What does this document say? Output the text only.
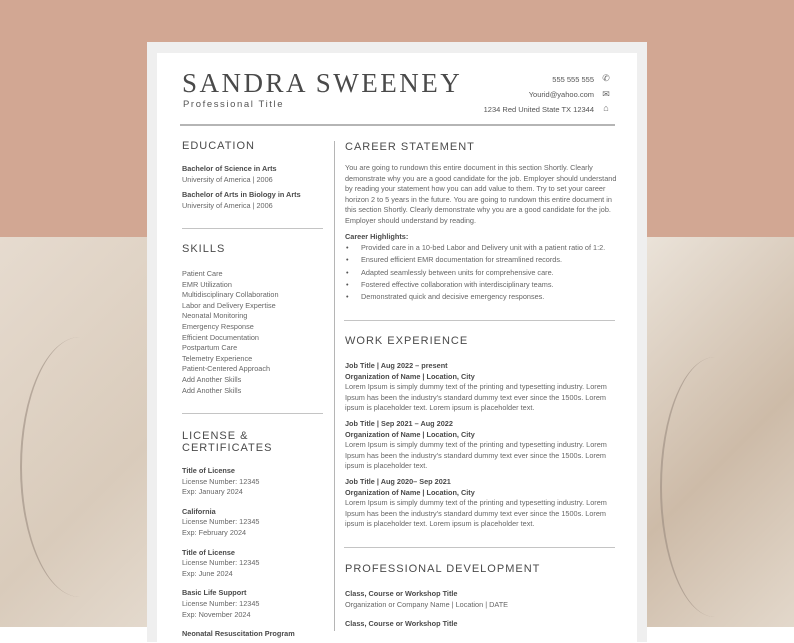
SANDRA SWEENEY
Professional Title
555 555 555
Yourid@yahoo.com
1234 Red United State TX 12344
✆
✉
⌂
EDUCATION
Bachelor of Science in Arts
University of America | 2006
Bachelor of Arts in Biology in Arts
University of America | 2006
SKILLS
Patient Care
EMR Utilization
Multidisciplinary Collaboration
Labor and Delivery Expertise
Neonatal Monitoring
Emergency Response
Efficient Documentation
Postpartum Care
Telemetry Experience
Patient-Centered Approach
Add Another Skills
Add Another Skills
LICENSE & CERTIFICATES
Title of License
License Number: 12345
Exp: January 2024
California
License Number: 12345
Exp: February 2024
Title of License
License Number: 12345
Exp: June 2024
Basic Life Support
License Number: 12345
Exp: November 2024
Neonatal Resuscitation Program
CAREER STATEMENT
You are going to rundown this entire document in this section Shortly. Clearly demonstrate why you are a good candidate for the job. Employer should understand by reading your statement how you can add value to them. Try to set your career horizon 2 to 5 years in the future. You are going to rundown this entire document in this section Shortly. Clearly demonstrate why you are a good candidate for the job. Employer should understand by reading.
Career Highlights:
• Provided care in a 10-bed Labor and Delivery unit with a patient ratio of 1:2.
• Ensured efficient EMR documentation for streamlined records.
• Adapted seamlessly between units for comprehensive care.
• Fostered effective collaboration with interdisciplinary teams.
• Demonstrated quick and decisive emergency responses.
WORK EXPERIENCE
Job Title | Aug 2022 – present
Organization of Name | Location, City
Lorem Ipsum is simply dummy text of the printing and typesetting industry. Lorem Ipsum has been the industry's standard dummy text ever since the 1500s. Lorem ipsum is placeholder text. Lorem ipsum is placeholder text.
Job Title | Sep 2021 – Aug 2022
Organization of Name | Location, City
Lorem Ipsum is simply dummy text of the printing and typesetting industry. Lorem Ipsum has been the industry's standard dummy text ever since the 1500s. Lorem ipsum is placeholder text.
Job Title | Aug 2020– Sep 2021
Organization of Name | Location, City
Lorem Ipsum is simply dummy text of the printing and typesetting industry. Lorem Ipsum has been the industry's standard dummy text ever since the 1500s. Lorem ipsum is placeholder text. Lorem ipsum is placeholder text.
PROFESSIONAL DEVELOPMENT
Class, Course or Workshop Title
Organization or Company Name | Location | DATE
Class, Course or Workshop Title
